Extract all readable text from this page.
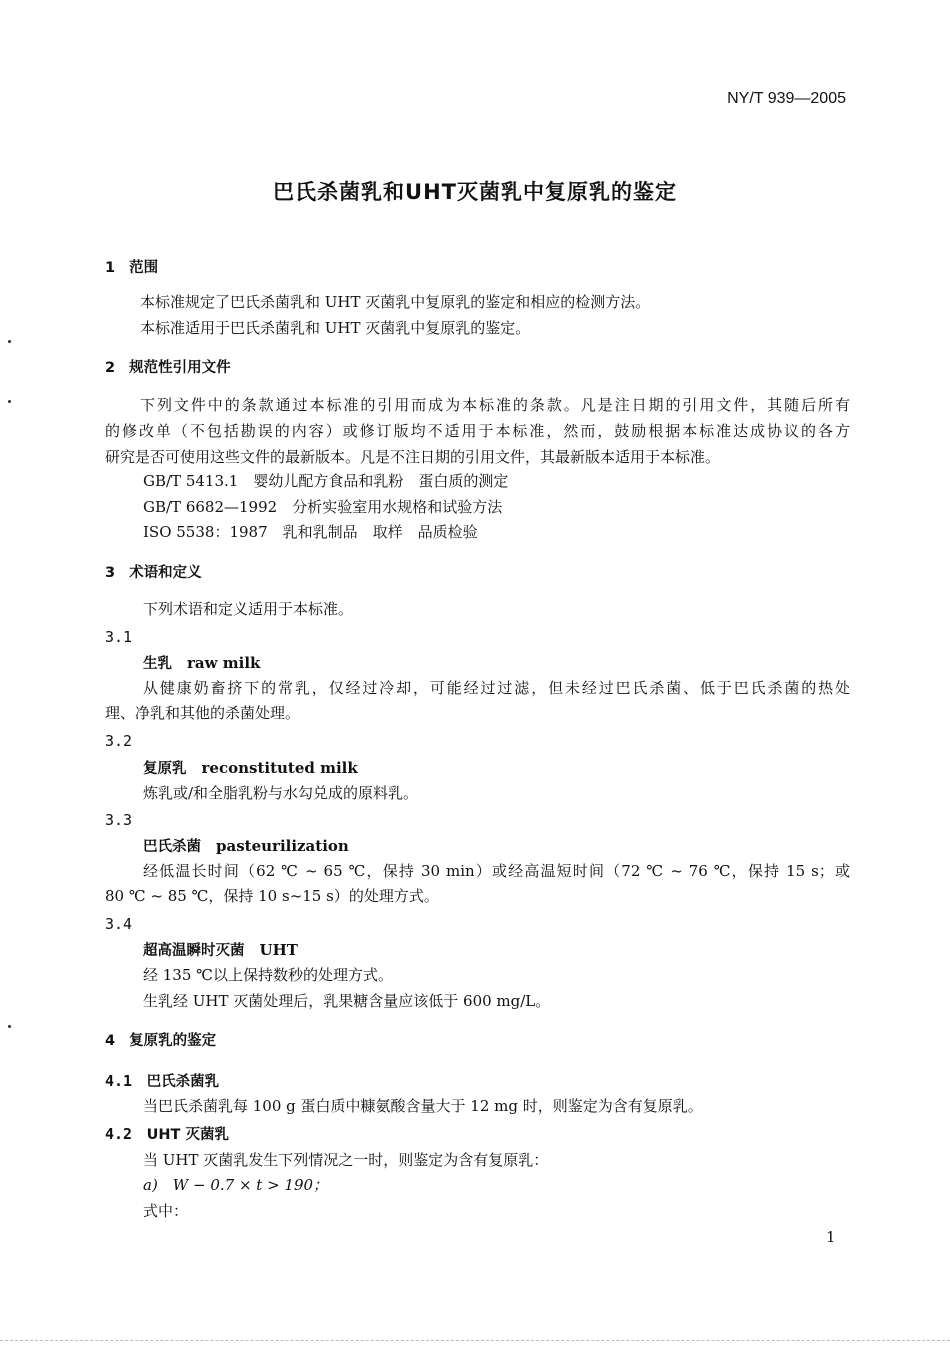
NY/T 939—2005
巴氏杀菌乳和UHT灭菌乳中复原乳的鉴定
1 范围
本标准规定了巴氏杀菌乳和 UHT 灭菌乳中复原乳的鉴定和相应的检测方法。
本标准适用于巴氏杀菌乳和 UHT 灭菌乳中复原乳的鉴定。
2 规范性引用文件
下列文件中的条款通过本标准的引用而成为本标准的条款。凡是注日期的引用文件，其随后所有
的修改单（不包括勘误的内容）或修订版均不适用于本标准，然而，鼓励根据本标准达成协议的各方
研究是否可使用这些文件的最新版本。凡是不注日期的引用文件，其最新版本适用于本标准。
GB/T 5413.1　 婴幼儿配方食品和乳粉　蛋白质的测定
GB/T 6682—1992　 分析实验室用水规格和试验方法
ISO 5538：1987　 乳和乳制品　取样　品质检验
3 术语和定义
下列术语和定义适用于本标准。
3.1
生乳　 raw milk
从健康奶畜挤下的常乳，仅经过冷却，可能经过过滤，但未经过巴氏杀菌、低于巴氏杀菌的热处
理、净乳和其他的杀菌处理。
3.2
复原乳　 reconstituted milk
炼乳或/和全脂乳粉与水勾兑成的原料乳。
3.3
巴氏杀菌　 pasteurilization
经低温长时间（62 ℃ ~ 65 ℃，保持 30 min）或经高温短时间（72 ℃ ~ 76 ℃，保持 15 s；或
80 ℃ ~ 85 ℃，保持 10 s~15 s）的处理方式。
3.4
超高温瞬时灭菌　 UHT
经 135 ℃以上保持数秒的处理方式。
生乳经 UHT 灭菌处理后，乳果糖含量应该低于 600 mg/L。
4 复原乳的鉴定
4.1　 巴氏杀菌乳
当巴氏杀菌乳每 100 g 蛋白质中糠氨酸含量大于 12 mg 时，则鉴定为含有复原乳。
4.2　 UHT 灭菌乳
当 UHT 灭菌乳发生下列情况之一时，则鉴定为含有复原乳：
a)　W − 0.7 × t > 190；
式中：
1
